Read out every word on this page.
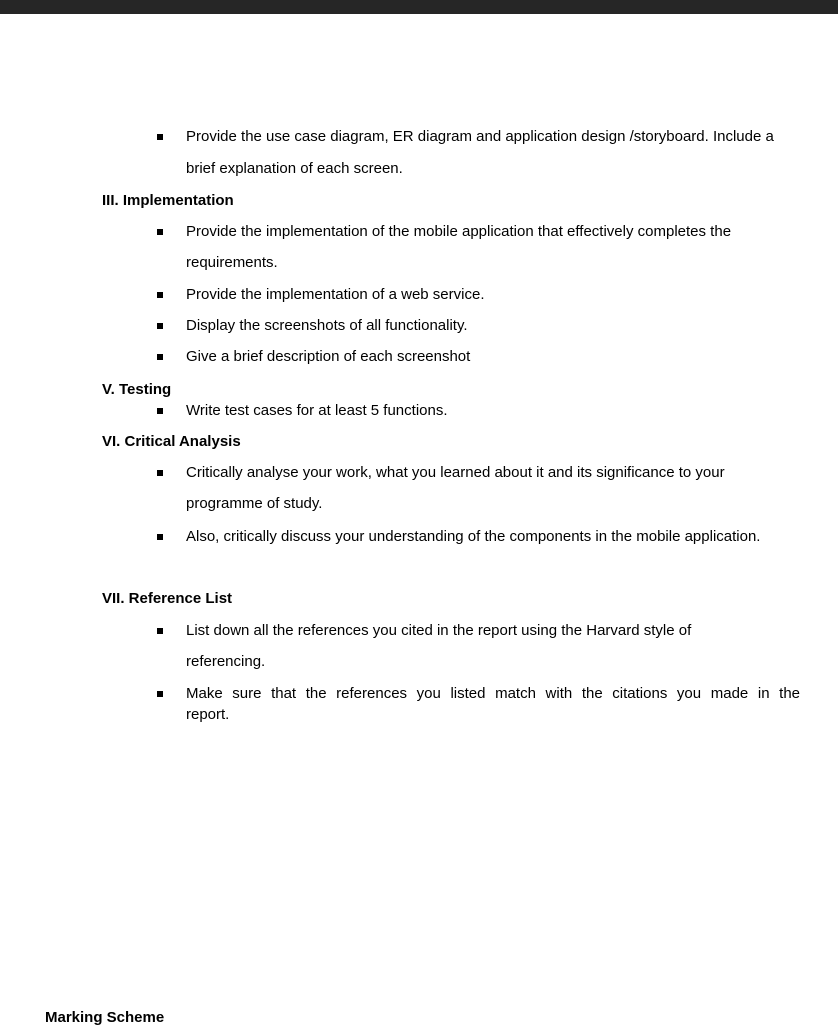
Provide the use case diagram, ER diagram and application design /storyboard. Include a
brief explanation of each screen.
III. Implementation
Provide the implementation of the mobile application that effectively completes the
requirements.
Provide the implementation of a web service.
Display the screenshots of all functionality.
Give a brief description of each screenshot
V. Testing
Write test cases for at least 5 functions.
VI. Critical Analysis
Critically analyse your work, what you learned about it and its significance to your
programme of study.
Also, critically discuss your understanding of the components in the mobile application.
VII. Reference List
List down all the references you cited in the report using the Harvard style of
referencing.
Make sure that the references you listed match with the citations you made in the
report.
Marking Scheme
